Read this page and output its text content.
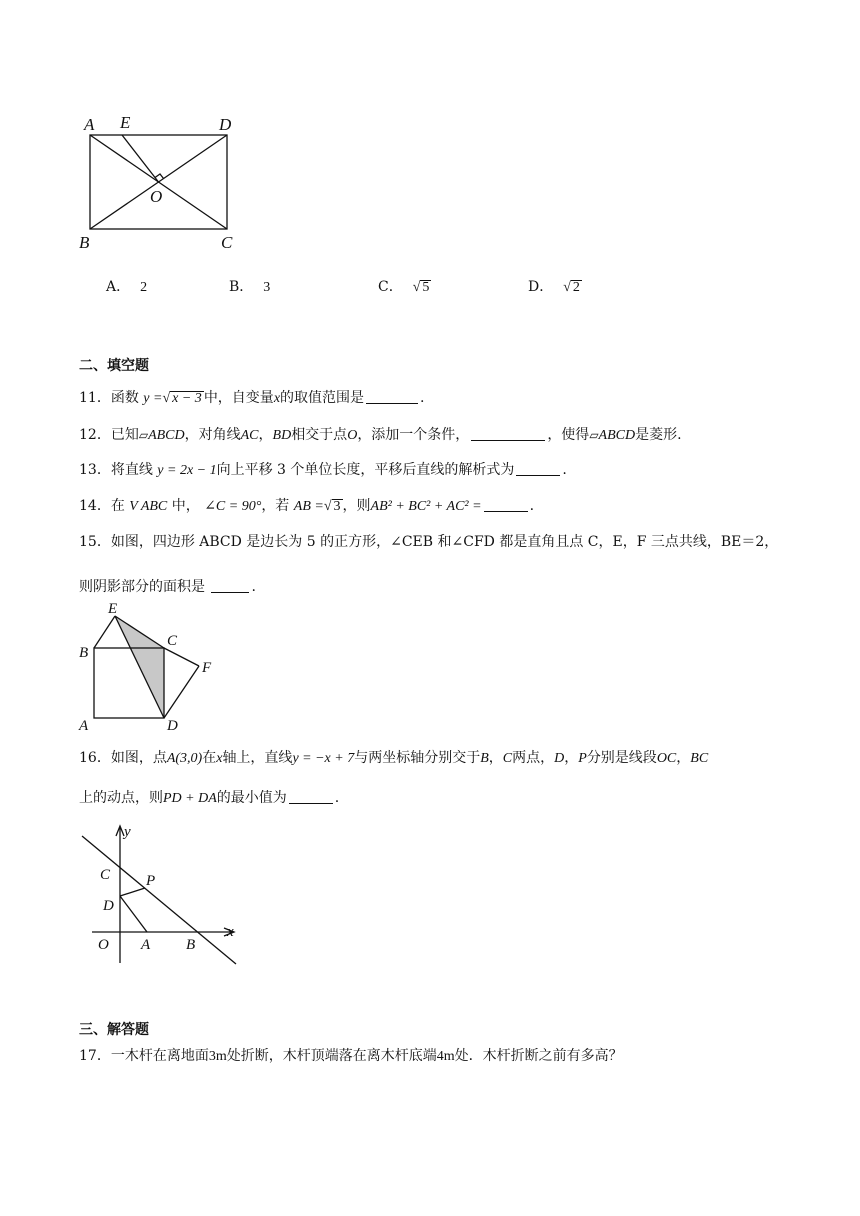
A E	D
O
B	C
A． 2	B． 3	C． √ 5	D． √ 2
二、填空题
11．函数 y =√ x − 3 中，自变量x的取值范围是	.
12．已知▱ABCD，对角线AC，BD相交于点O，添加一个条件，	，使得▱ABCD是菱形.
13．将直线 y = 2x − 1向上平移 3 个单位长度，平移后直线的解析式为	.
14．在 V ABC 中， ∠C = 90°，若 AB =√ 3 ，则AB² + BC² + AC² =	.
15．如图，四边形 ABCD 是边长为 5 的正方形，∠CEB 和∠CFD 都是直角且点 C，E，F 三点共线，BE＝2，
则阴影部分的面积是	.
E
C
B
F
A	D
16．如图，点A(3,0)在x轴上，直线y = −x + 7与两坐标轴分别交于B，C两点，D，P分别是线段OC，BC
上的动点，则PD + DA的最小值为	.
y
x
C P
D
O A B
三、解答题
17．一木杆在离地面3m处折断，木杆顶端落在离木杆底端4m处．木杆折断之前有多高？
